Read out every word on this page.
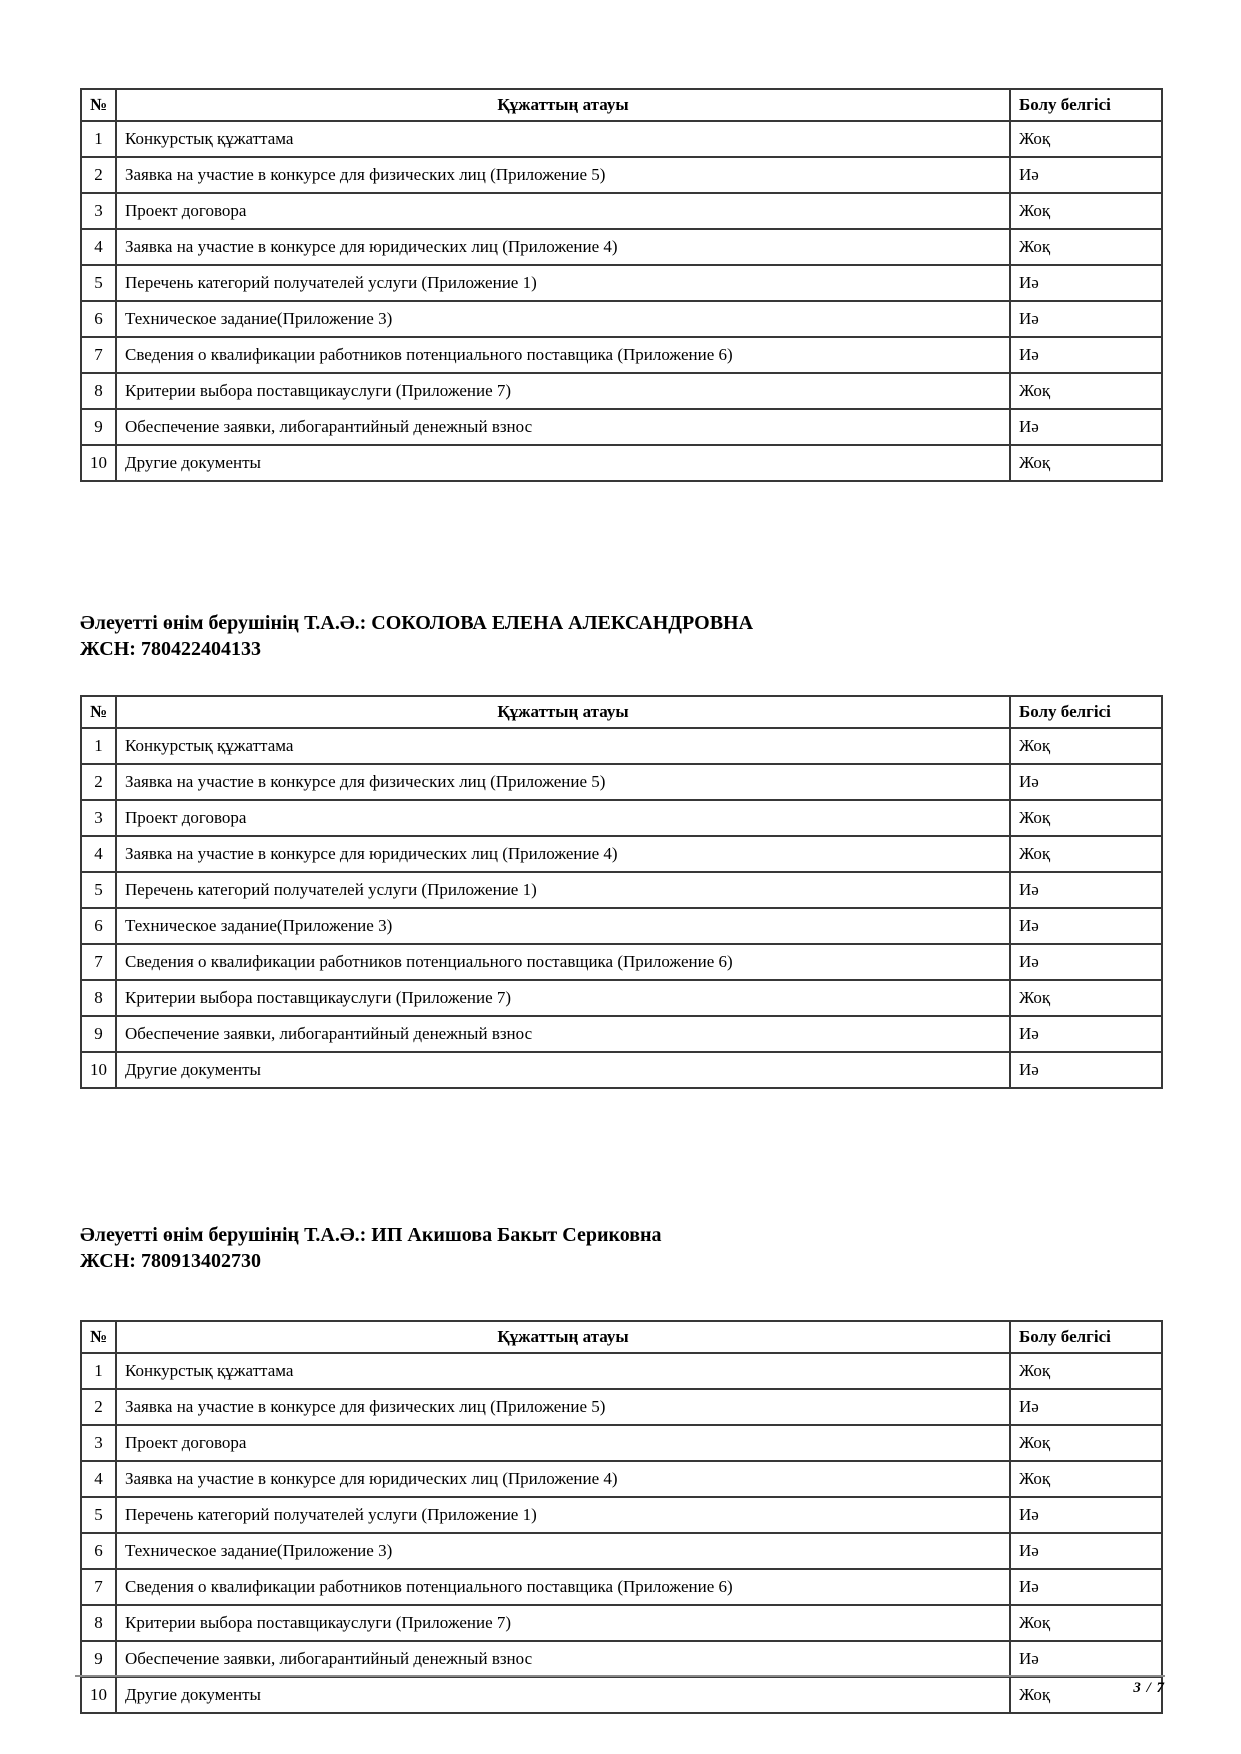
№	Құжаттың атауы	Болу белгісі
1	Конкурстық құжаттама	Жоқ
2	Заявка на участие в конкурсе для физических лиц (Приложение 5)	Иә
3	Проект договора	Жоқ
4	Заявка на участие в конкурсе для юридических лиц (Приложение 4)	Жоқ
5	Перечень категорий получателей услуги (Приложение 1)	Иә
6	Техническое задание(Приложение 3)	Иә
7	Сведения о квалификации работников потенциального поставщика (Приложение 6)	Иә
8	Критерии выбора поставщикауслуги (Приложение 7)	Жоқ
9	Обеспечение заявки, либогарантийный денежный взнос	Иә
10	Другие документы	Жоқ
Әлеуетті өнім берушінің Т.А.Ә.: СОКОЛОВА ЕЛЕНА АЛЕКСАНДРОВНА
ЖСН: 780422404133
№	Құжаттың атауы	Болу белгісі
1	Конкурстық құжаттама	Жоқ
2	Заявка на участие в конкурсе для физических лиц (Приложение 5)	Иә
3	Проект договора	Жоқ
4	Заявка на участие в конкурсе для юридических лиц (Приложение 4)	Жоқ
5	Перечень категорий получателей услуги (Приложение 1)	Иә
6	Техническое задание(Приложение 3)	Иә
7	Сведения о квалификации работников потенциального поставщика (Приложение 6)	Иә
8	Критерии выбора поставщикауслуги (Приложение 7)	Жоқ
9	Обеспечение заявки, либогарантийный денежный взнос	Иә
10	Другие документы	Иә
Әлеуетті өнім берушінің Т.А.Ә.: ИП Акишова Бакыт Сериковна
ЖСН: 780913402730
№	Құжаттың атауы	Болу белгісі
1	Конкурстық құжаттама	Жоқ
2	Заявка на участие в конкурсе для физических лиц (Приложение 5)	Иә
3	Проект договора	Жоқ
4	Заявка на участие в конкурсе для юридических лиц (Приложение 4)	Жоқ
5	Перечень категорий получателей услуги (Приложение 1)	Иә
6	Техническое задание(Приложение 3)	Иә
7	Сведения о квалификации работников потенциального поставщика (Приложение 6)	Иә
8	Критерии выбора поставщикауслуги (Приложение 7)	Жоқ
9	Обеспечение заявки, либогарантийный денежный взнос	Иә
10	Другие документы	Жоқ	3 / 7
